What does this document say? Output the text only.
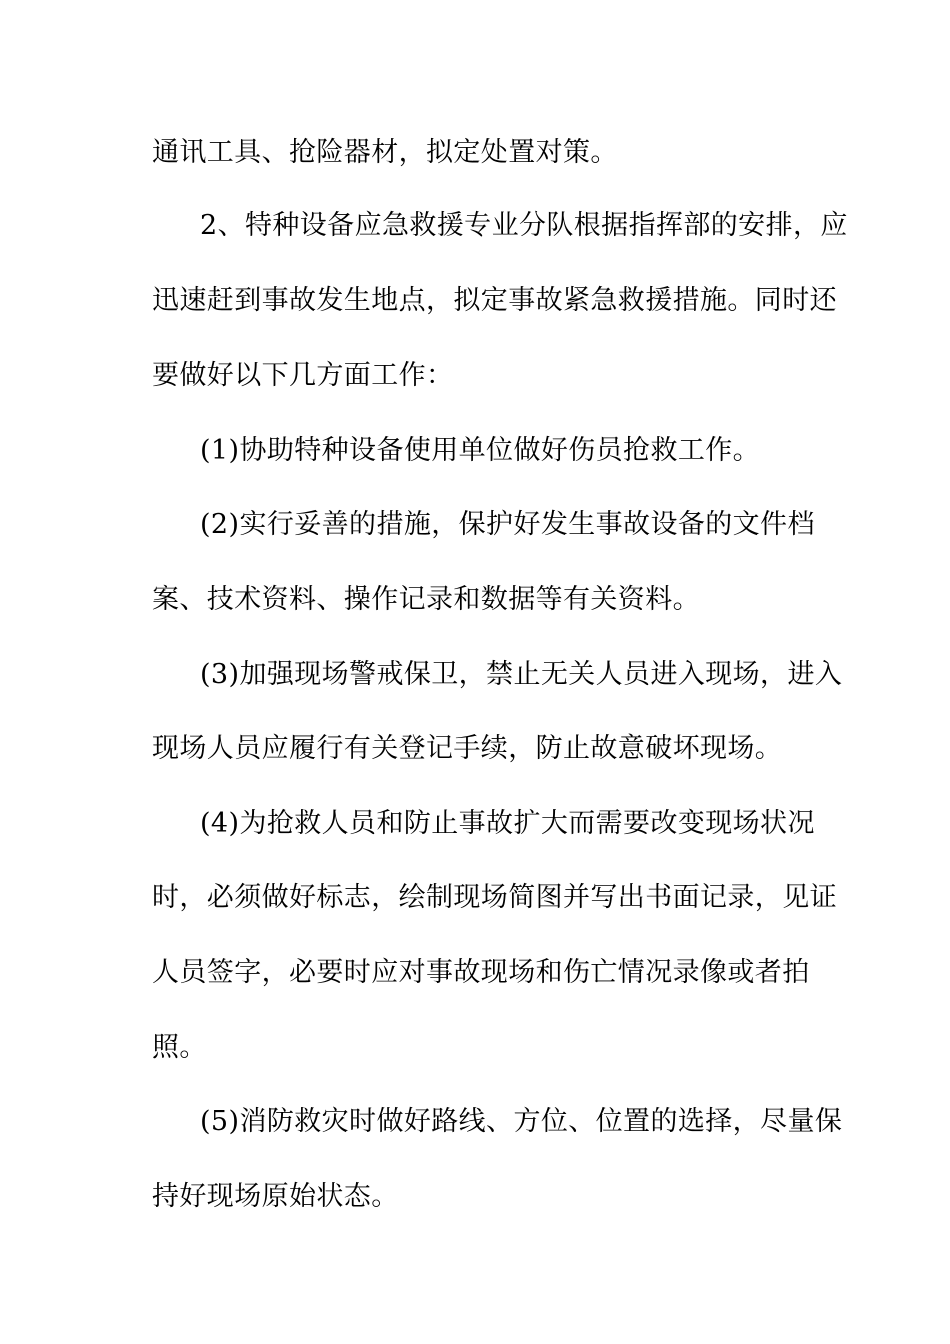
通讯工具、抢险器材，拟定处置对策。
2、特种设备应急救援专业分队根据指挥部的安排，应
迅速赶到事故发生地点，拟定事故紧急救援措施。同时还
要做好以下几方面工作：
(1)协助特种设备使用单位做好伤员抢救工作。
(2)实行妥善的措施，保护好发生事故设备的文件档
案、技术资料、操作记录和数据等有关资料。
(3)加强现场警戒保卫，禁止无关人员进入现场，进入
现场人员应履行有关登记手续，防止故意破坏现场。
(4)为抢救人员和防止事故扩大而需要改变现场状况
时，必须做好标志，绘制现场简图并写出书面记录，见证
人员签字，必要时应对事故现场和伤亡情况录像或者拍
照。
(5)消防救灾时做好路线、方位、位置的选择，尽量保
持好现场原始状态。
